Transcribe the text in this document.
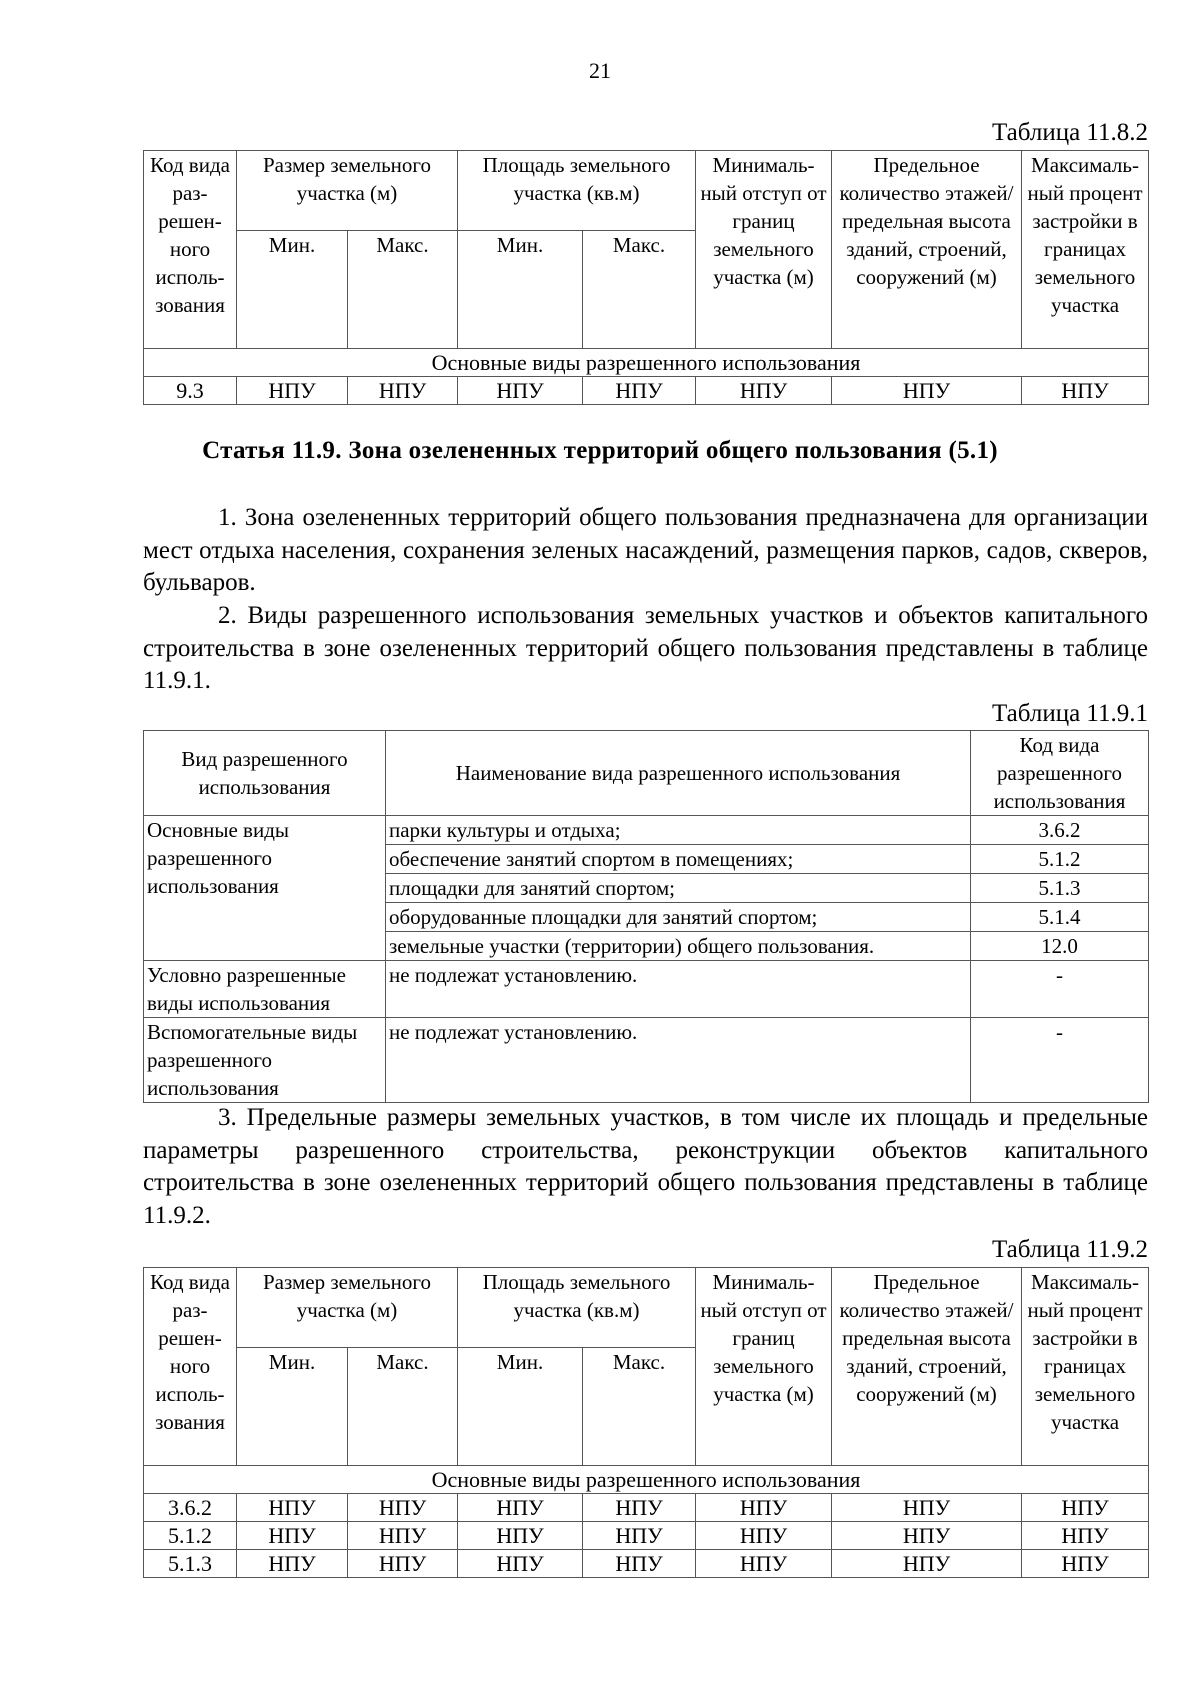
21
Таблица 11.8.2
Код вида раз- решен- ного исполь- зования	Размер земельного участка (м)		Площадь земельного участка (кв.м)		Минималь- ный отступ от границ земельного участка (м)	Предельное количество этажей/ предельная высота зданий, строений, сооружений (м)	Максималь- ный процент застройки в границах земельного участка
	Мин.	Макс.	Мин.	Макс.			
Основные виды разрешенного использования							
9.3	НПУ	НПУ	НПУ	НПУ	НПУ	НПУ	НПУ
Статья 11.9. Зона озелененных территорий общего пользования (5.1)

1. Зона озелененных территорий общего пользования предназначена для организации мест отдыха населения, сохранения зеленых насаждений, размещения парков, садов, скверов, бульваров.

2. Виды разрешенного использования земельных участков и объектов капитального строительства в зоне озелененных территорий общего пользования представлены в таблице 11.9.1.

Таблица 11.9.1
Вид разрешенного использования	Наименование вида разрешенного использования	Код вида разрешенного использования
Основные виды разрешенного использования	парки культуры и отдыха;	3.6.2
	обеспечение занятий спортом в помещениях;	5.1.2
	площадки для занятий спортом;	5.1.3
	оборудованные площадки для занятий спортом;	5.1.4
	земельные участки (территории) общего пользования.	12.0
Условно разрешенные виды использования	не подлежат установлению.	-
Вспомогательные виды разрешенного использования	не подлежат установлению.	-

3. Предельные размеры земельных участков, в том числе их площадь и предельные параметры разрешенного строительства, реконструкции объектов капитального строительства в зоне озелененных территорий общего пользования представлены в таблице 11.9.2.

Таблица 11.9.2
Код вида раз- решен- ного исполь- зования	Размер земельного участка (м)		Площадь земельного участка (кв.м)		Минималь- ный отступ от границ земельного участка (м)	Предельное количество этажей/ предельная высота зданий, строений, сооружений (м)	Максималь- ный процент застройки в границах земельного участка
	Мин.	Макс.	Мин.	Макс.			
Основные виды разрешенного использования							
3.6.2	НПУ	НПУ	НПУ	НПУ	НПУ	НПУ	НПУ
5.1.2	НПУ	НПУ	НПУ	НПУ	НПУ	НПУ	НПУ
5.1.3	НПУ	НПУ	НПУ	НПУ	НПУ	НПУ	НПУ
